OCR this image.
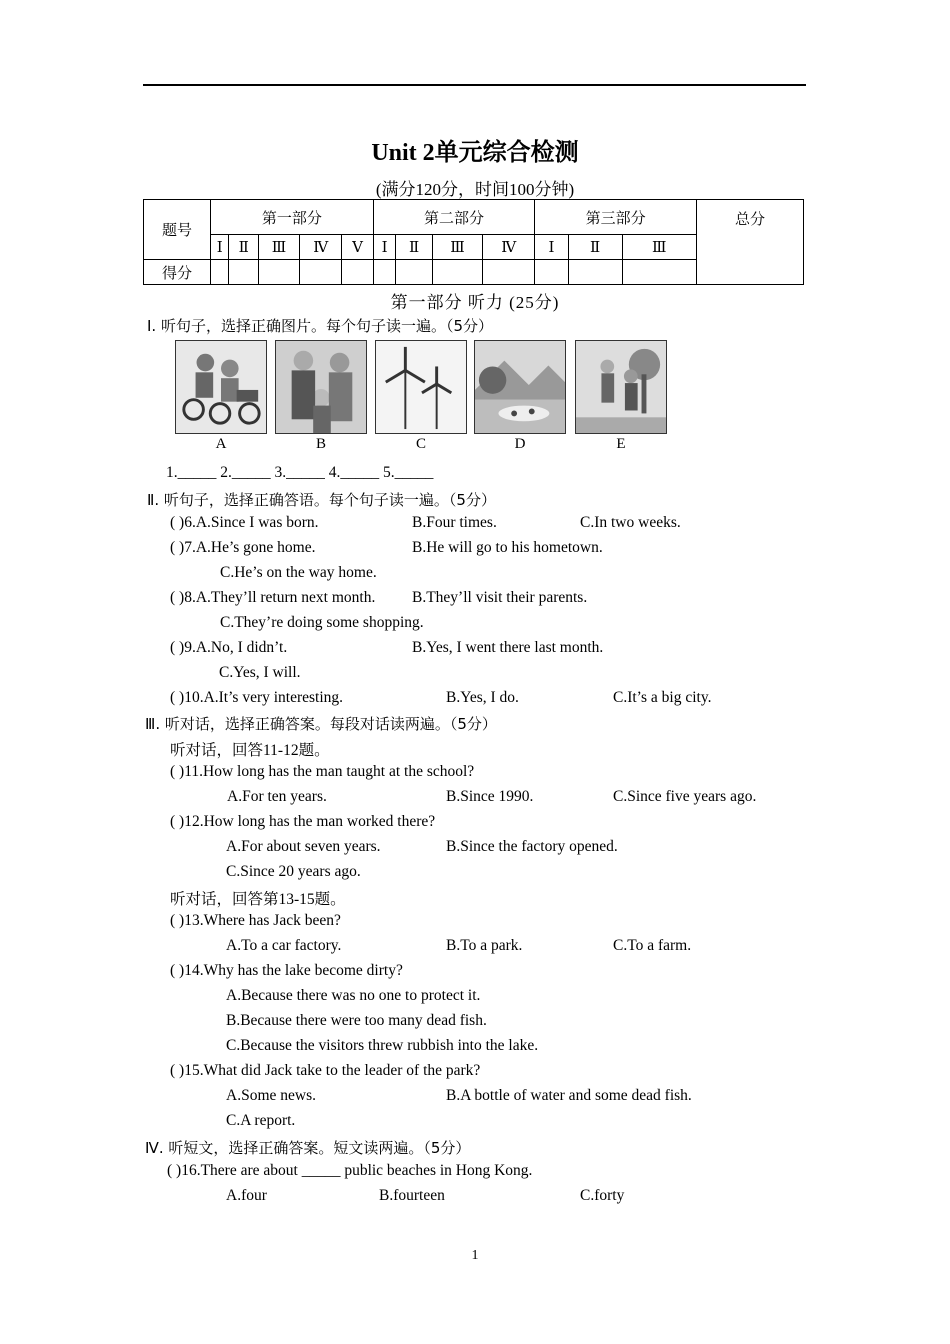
Unit 2单元综合检测
(满分120分，时间100分钟)
题号	第一部分					第二部分				第三部分			总分
	Ⅰ	Ⅱ	Ⅲ	Ⅳ	Ⅴ	Ⅰ	Ⅱ	Ⅲ	Ⅳ	Ⅰ	Ⅱ	Ⅲ	
得分													
第一部分 听力 (25分)
Ⅰ. 听句子，选择正确图片。每个句子读一遍。（5分）
A	B	C	D	E
1._____ 2._____ 3._____ 4._____ 5._____
Ⅱ. 听句子，选择正确答语。每个句子读一遍。（5分）
( )6.A.Since I was born.	B.Four times.	C.In two weeks.
( )7.A.He’s gone home.	B.He will go to his hometown.
C.He’s on the way home.
( )8.A.They’ll return next month. B.They’ll visit their parents.
C.They’re doing some shopping.
( )9.A.No, I didn’t.	B.Yes, I went there last month.
C.Yes, I will.
( )10.A.It’s very interesting.	B.Yes, I do.	C.It’s a big city.
Ⅲ. 听对话，选择正确答案。每段对话读两遍。（5分）
听对话，回答11-12题。
( )11.How long has the man taught at the school?
A.For ten years.	B.Since 1990.	C.Since five years ago.
( )12.How long has the man worked there?
A.For about seven years.	B.Since the factory opened.
C.Since 20 years ago.
听对话，回答第13-15题。
( )13.Where has Jack been?
A.To a car factory.	B.To a park.	C.To a farm.
( )14.Why has the lake become dirty?
A.Because there was no one to protect it.
B.Because there were too many dead fish.
C.Because the visitors threw rubbish into the lake.
( )15.What did Jack take to the leader of the park?
A.Some news.	B.A bottle of water and some dead fish.
C.A report.
Ⅳ. 听短文，选择正确答案。短文读两遍。（5分）
( )16.There are about _____ public beaches in Hong Kong.
A.four	B.fourteen	C.forty
1
